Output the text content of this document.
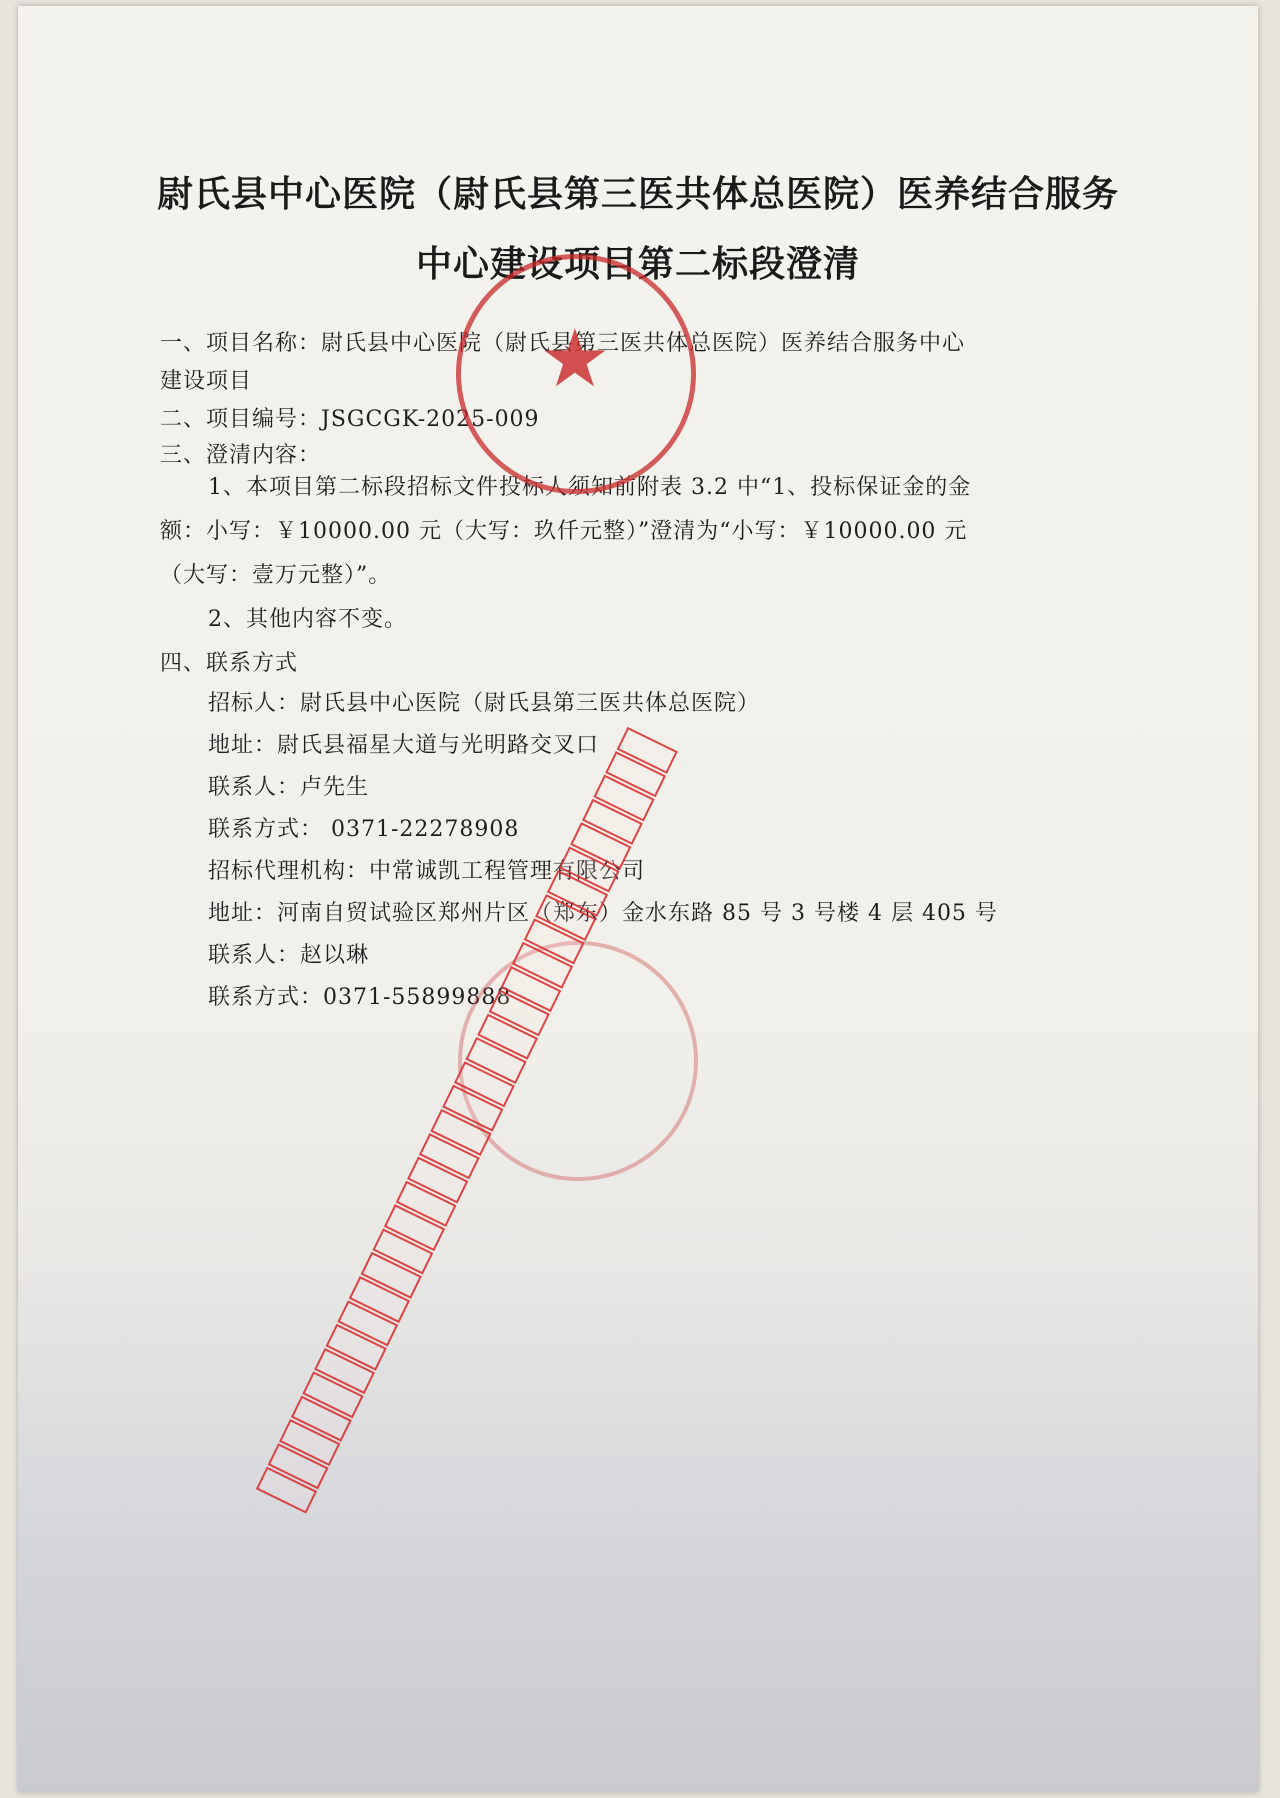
尉氏县中心医院（尉氏县第三医共体总医院）医养结合服务
中心建设项目第二标段澄清
一、项目名称：尉氏县中心医院（尉氏县第三医共体总医院）医养结合服务中心
建设项目
二、项目编号：JSGCGK-2025-009
三、澄清内容：
1、本项目第二标段招标文件投标人须知前附表 3.2 中“1、投标保证金的金
额：小写：￥10000.00 元（大写：玖仟元整）”澄清为“小写：￥10000.00 元
（大写：壹万元整）”。
2、其他内容不变。
四、联系方式
招标人：尉氏县中心医院（尉氏县第三医共体总医院）
地址：尉氏县福星大道与光明路交叉口
联系人：卢先生
联系方式： 0371-22278908
招标代理机构：中常诚凯工程管理有限公司
地址：河南自贸试验区郑州片区（郑东）金水东路 85 号 3 号楼 4 层 405 号
联系人：赵以琳
联系方式：0371-55899888
★
